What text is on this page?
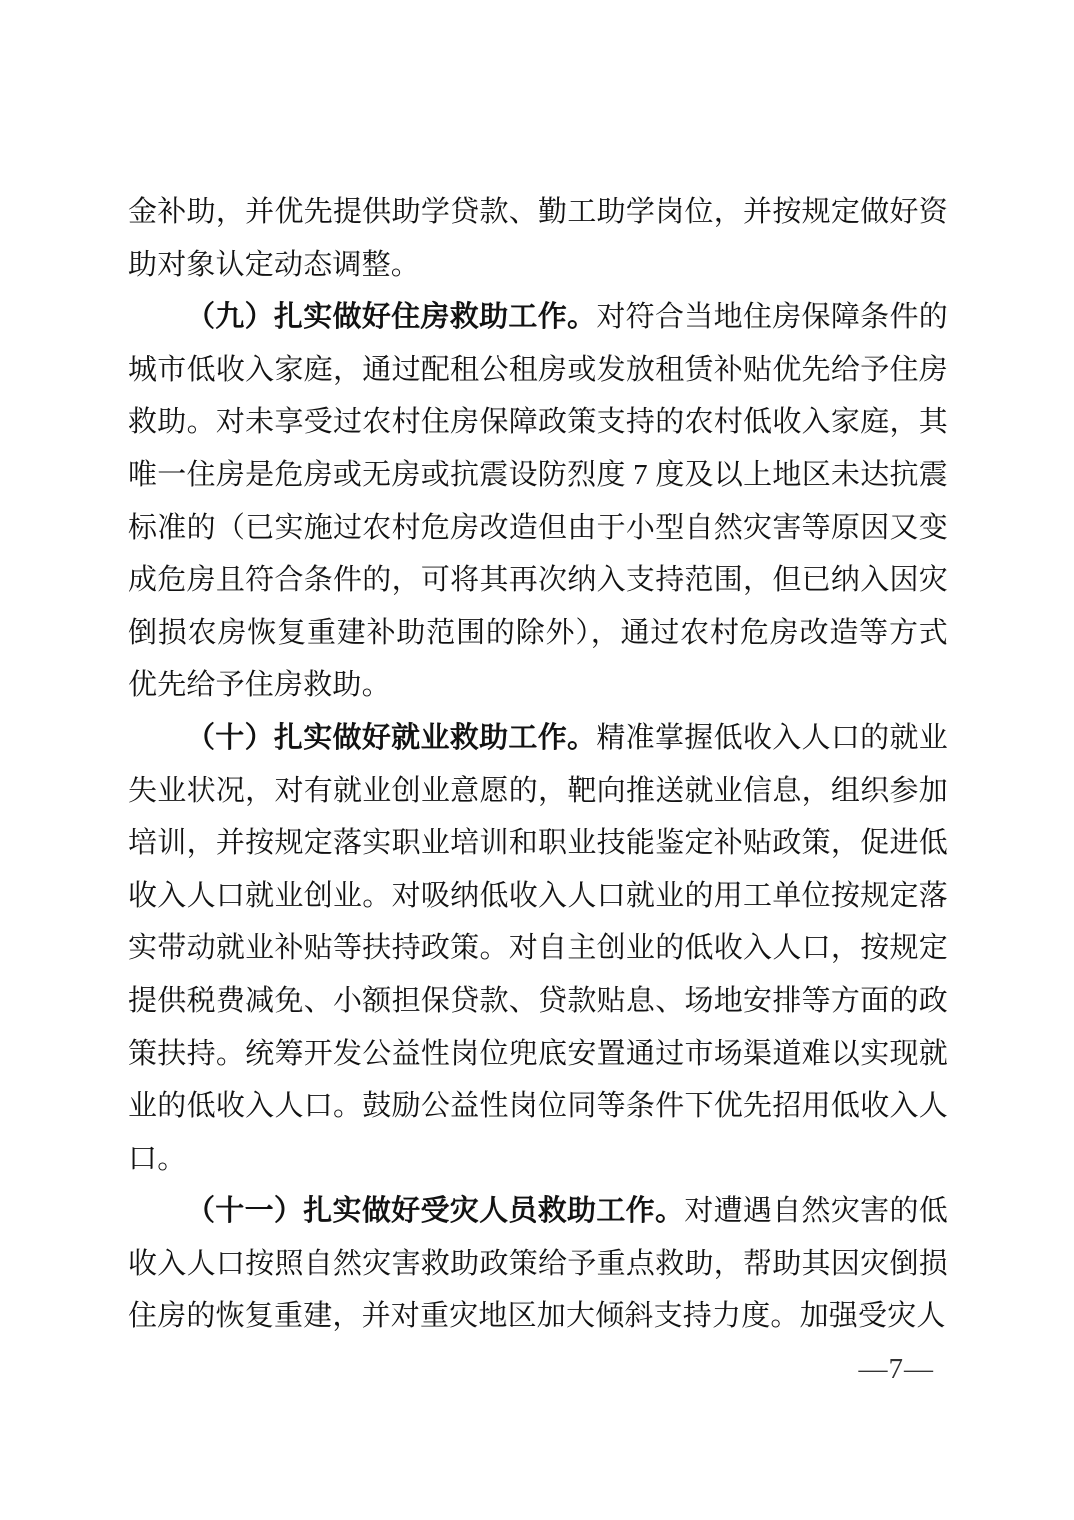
金补助，并优先提供助学贷款、勤工助学岗位，并按规定做好资助对象认定动态调整。

（九）扎实做好住房救助工作。对符合当地住房保障条件的城市低收入家庭，通过配租公租房或发放租赁补贴优先给予住房救助。对未享受过农村住房保障政策支持的农村低收入家庭，其唯一住房是危房或无房或抗震设防烈度 7 度及以上地区未达抗震标准的（已实施过农村危房改造但由于小型自然灾害等原因又变成危房且符合条件的，可将其再次纳入支持范围，但已纳入因灾倒损农房恢复重建补助范围的除外），通过农村危房改造等方式优先给予住房救助。

（十）扎实做好就业救助工作。精准掌握低收入人口的就业失业状况，对有就业创业意愿的，靶向推送就业信息，组织参加培训，并按规定落实职业培训和职业技能鉴定补贴政策，促进低收入人口就业创业。对吸纳低收入人口就业的用工单位按规定落实带动就业补贴等扶持政策。对自主创业的低收入人口，按规定提供税费减免、小额担保贷款、贷款贴息、场地安排等方面的政策扶持。统筹开发公益性岗位兜底安置通过市场渠道难以实现就业的低收入人口。鼓励公益性岗位同等条件下优先招用低收入人口。

（十一）扎实做好受灾人员救助工作。对遭遇自然灾害的低收入人口按照自然灾害救助政策给予重点救助，帮助其因灾倒损住房的恢复重建，并对重灾地区加大倾斜支持力度。加强受灾人

—7—
